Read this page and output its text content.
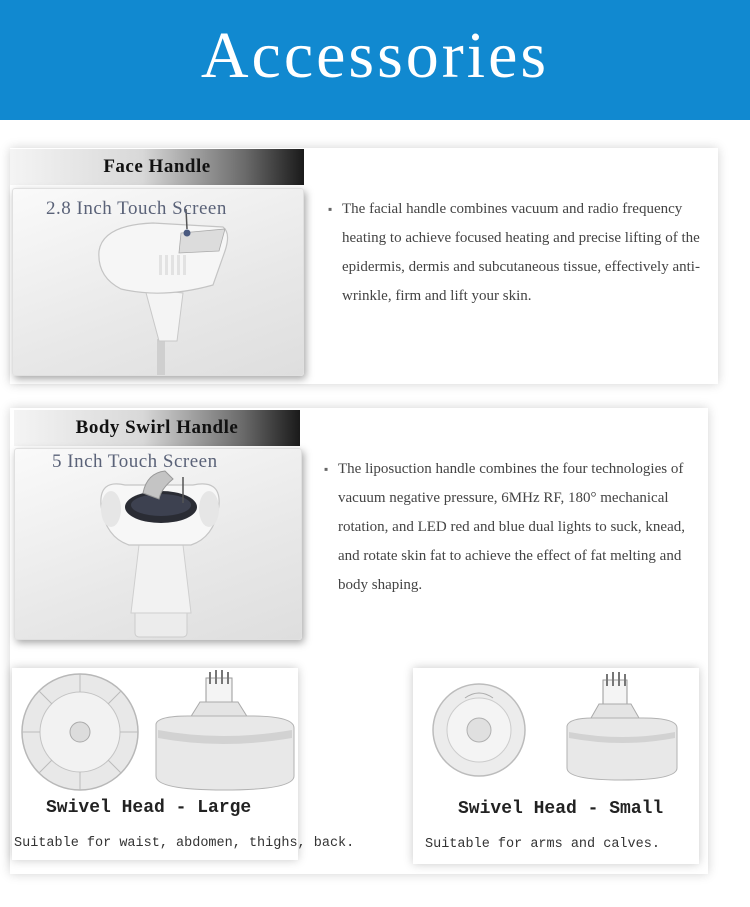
Accessories
Face Handle
2.8 Inch Touch Screen	▪ The facial handle combines vacuum and radio frequency heating to achieve focused heating and precise lifting of the epidermis, dermis and subcutaneous tissue, effectively anti-wrinkle, firm and lift your skin.
Body Swirl Handle
5 Inch Touch Screen	▪ The liposuction handle combines the four technologies of vacuum negative pressure, 6MHz RF, 180° mechanical rotation, and LED red and blue dual lights to suck, knead, and rotate skin fat to achieve the effect of fat melting and body shaping.
Swivel Head - Large
Suitable for waist, abdomen, thighs, back.
Swivel Head - Small
Suitable for arms and calves.
